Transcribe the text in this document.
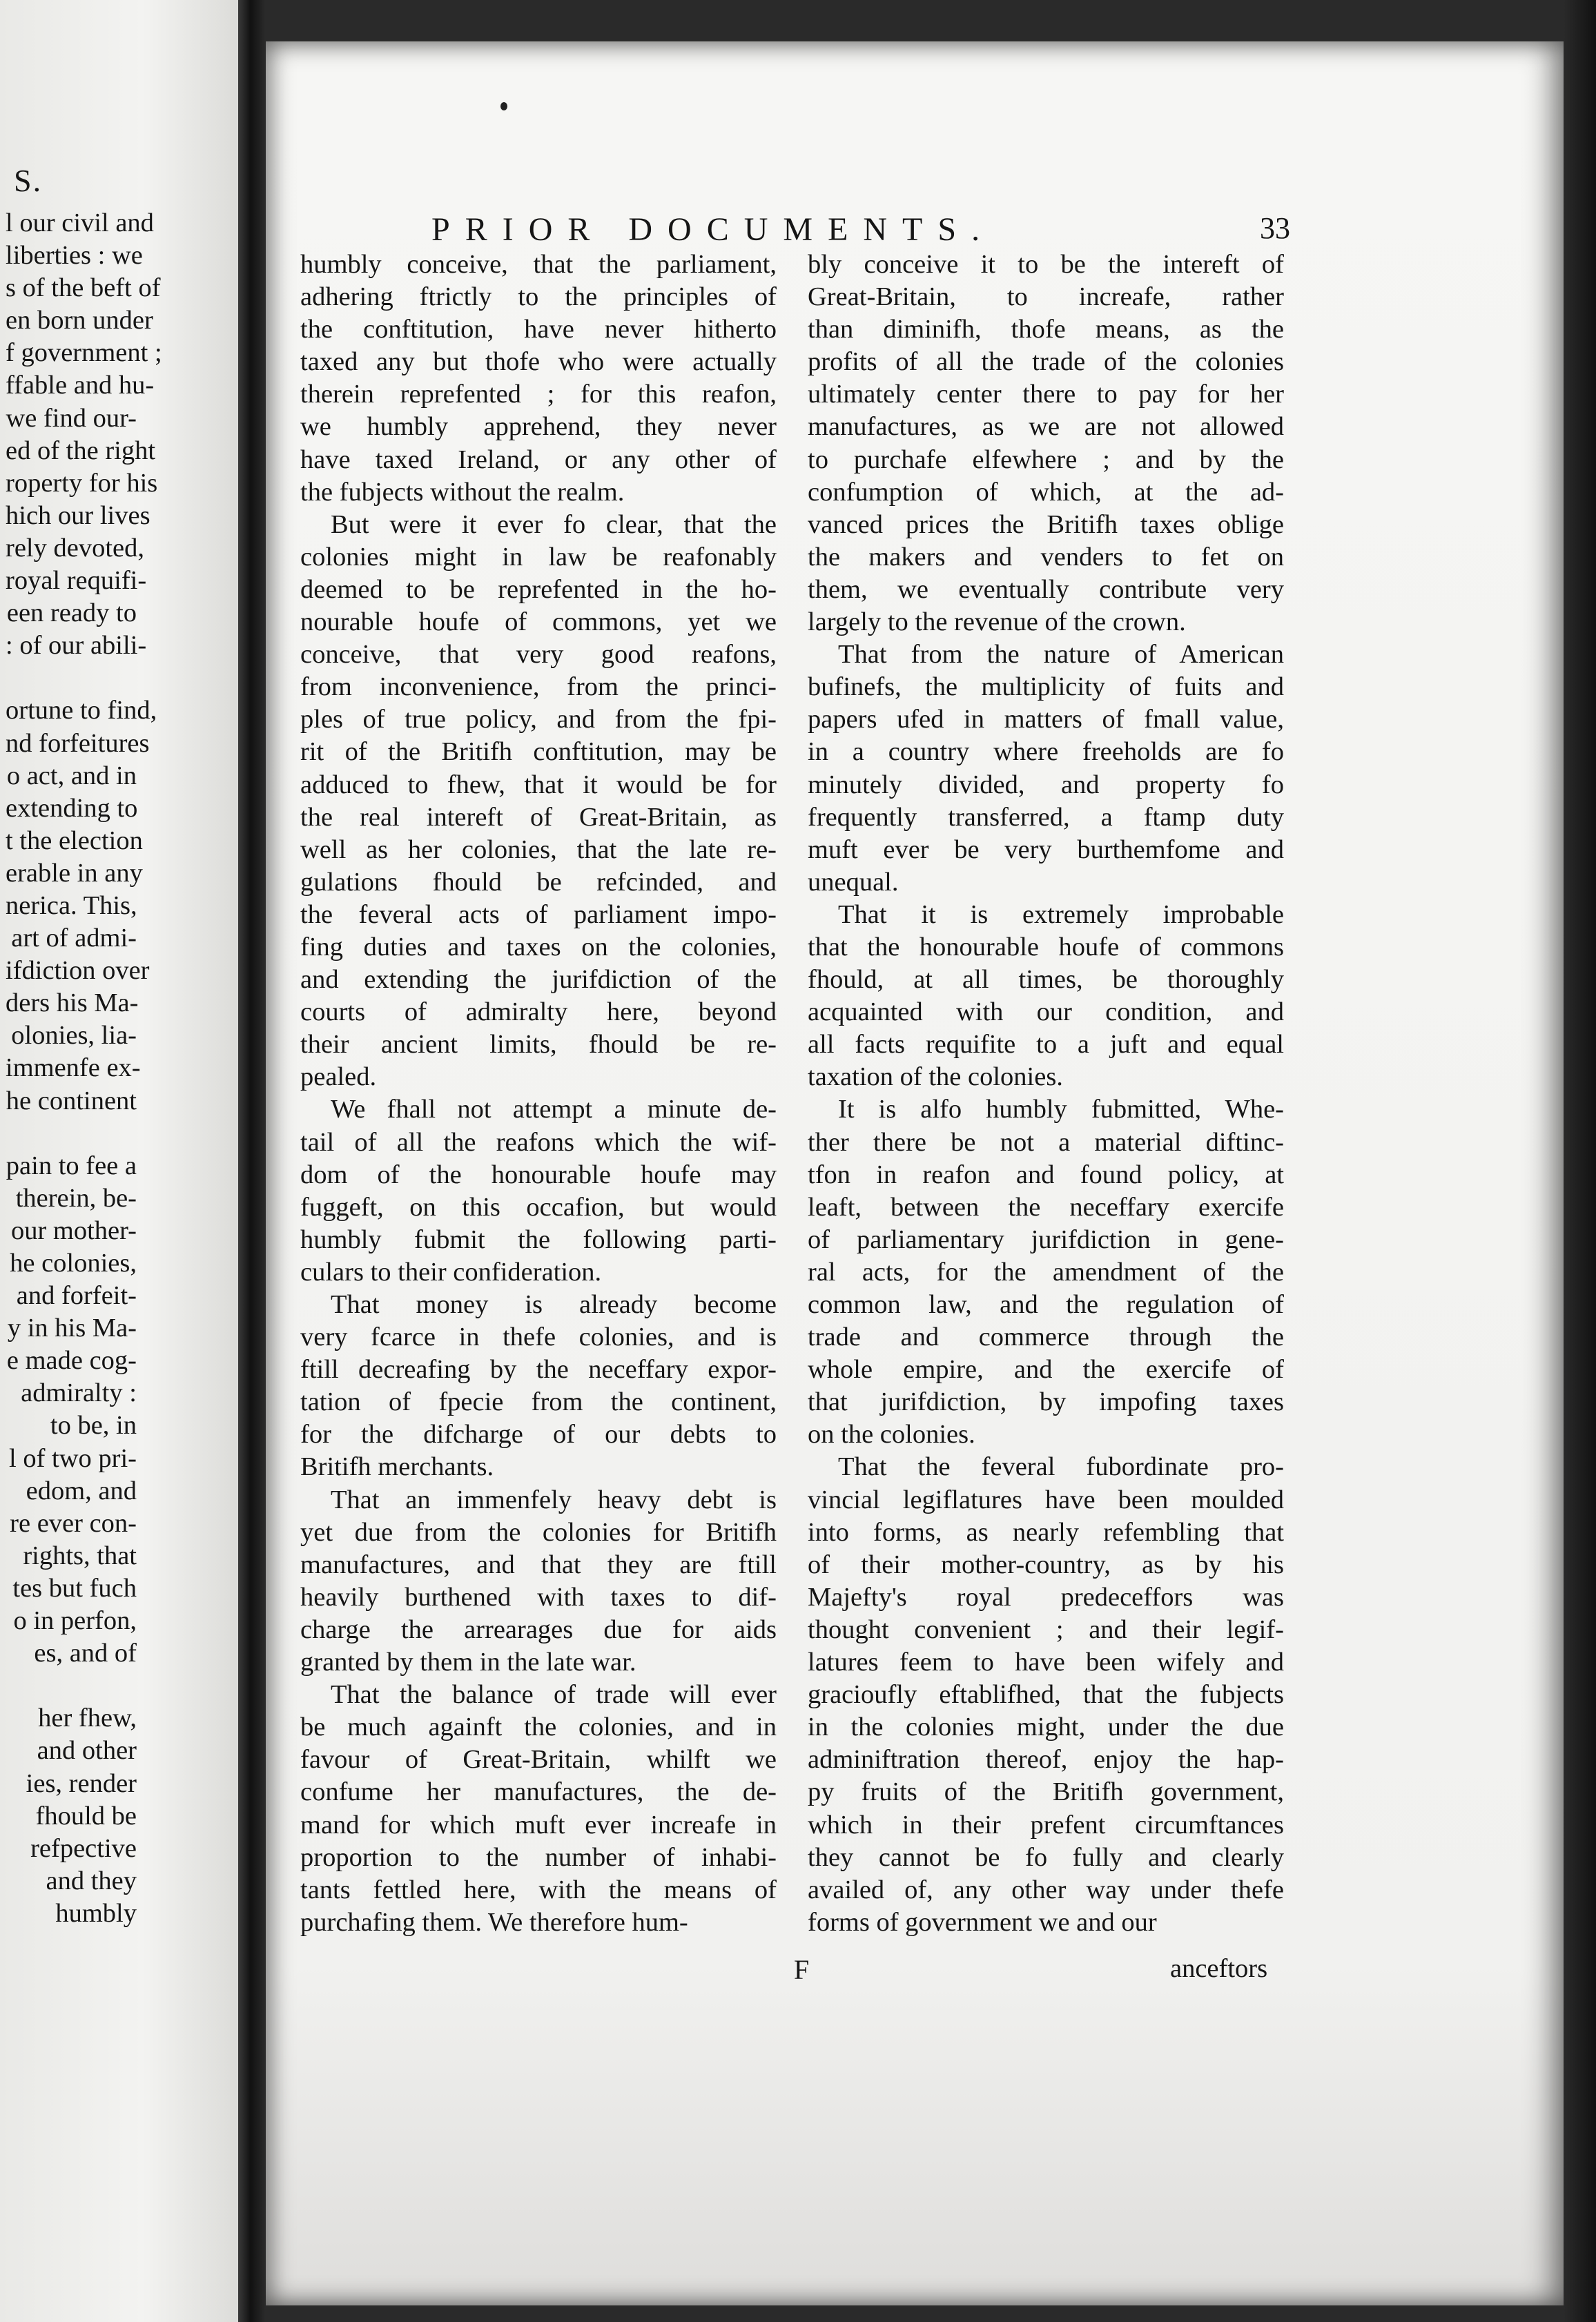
S.
l our civil and
liberties : we
s of the beft of
en born under
f government ;
ffable and hu-
we find our-
ed of the right
roperty for his
hich our lives
rely devoted,
royal requifi-
een ready to
: of our abili-
ortune to find,
nd forfeitures
o act, and in
extending to
t the election
erable in any
nerica. This,
art of admi-
ifdiction over
ders his Ma-
olonies, lia-
immenfe ex-
he continent
pain to fee a
therein, be-
our mother-
he colonies,
and forfeit-
y in his Ma-
e made cog-
admiralty :
to be, in
l of two pri-
edom, and
re ever con-
rights, that
tes but fuch
o in perfon,
es, and of
her fhew,
and other
ies, render
fhould be
refpective
and they
humbly
PRIOR DOCUMENTS.	33
humbly conceive, that the parliament,
adhering ftrictly to the principles of
the conftitution, have never hitherto
taxed any but thofe who were actually
therein reprefented ; for this reafon,
we humbly apprehend, they never
have taxed Ireland, or any other of
the fubjects without the realm.
But were it ever fo clear, that the
colonies might in law be reafonably
deemed to be reprefented in the ho-
nourable houfe of commons, yet we
conceive, that very good reafons,
from inconvenience, from the princi-
ples of true policy, and from the fpi-
rit of the Britifh conftitution, may be
adduced to fhew, that it would be for
the real intereft of Great-Britain, as
well as her colonies, that the late re-
gulations fhould be refcinded, and
the feveral acts of parliament impo-
fing duties and taxes on the colonies,
and extending the jurifdiction of the
courts of admiralty here, beyond
their ancient limits, fhould be re-
pealed.
We fhall not attempt a minute de-
tail of all the reafons which the wif-
dom of the honourable houfe may
fuggeft, on this occafion, but would
humbly fubmit the following parti-
culars to their confideration.
That money is already become
very fcarce in thefe colonies, and is
ftill decreafing by the neceffary expor-
tation of fpecie from the continent,
for the difcharge of our debts to
Britifh merchants.
That an immenfely heavy debt is
yet due from the colonies for Britifh
manufactures, and that they are ftill
heavily burthened with taxes to dif-
charge the arrearages due for aids
granted by them in the late war.
That the balance of trade will ever
be much againft the colonies, and in
favour of Great-Britain, whilft we
confume her manufactures, the de-
mand for which muft ever increafe in
proportion to the number of inhabi-
tants fettled here, with the means of
purchafing them. We therefore hum-
bly conceive it to be the intereft of
Great-Britain, to increafe, rather
than diminifh, thofe means, as the
profits of all the trade of the colonies
ultimately center there to pay for her
manufactures, as we are not allowed
to purchafe elfewhere ; and by the
confumption of which, at the ad-
vanced prices the Britifh taxes oblige
the makers and venders to fet on
them, we eventually contribute very
largely to the revenue of the crown.
That from the nature of American
bufinefs, the multiplicity of fuits and
papers ufed in matters of fmall value,
in a country where freeholds are fo
minutely divided, and property fo
frequently transferred, a ftamp duty
muft ever be very burthemfome and
unequal.
That it is extremely improbable
that the honourable houfe of commons
fhould, at all times, be thoroughly
acquainted with our condition, and
all facts requifite to a juft and equal
taxation of the colonies.
It is alfo humbly fubmitted, Whe-
ther there be not a material diftinc-
tfon in reafon and found policy, at
leaft, between the neceffary exercife
of parliamentary jurifdiction in gene-
ral acts, for the amendment of the
common law, and the regulation of
trade and commerce through the
whole empire, and the exercife of
that jurifdiction, by impofing taxes
on the colonies.
That the feveral fubordinate pro-
vincial legiflatures have been moulded
into forms, as nearly refembling that
of their mother-country, as by his
Majefty's royal predeceffors was
thought convenient ; and their legif-
latures feem to have been wifely and
gracioufly eftablifhed, that the fubjects
in the colonies might, under the due
adminiftration thereof, enjoy the hap-
py fruits of the Britifh government,
which in their prefent circumftances
they cannot be fo fully and clearly
availed of, any other way under thefe
forms of government we and our
F	anceftors
